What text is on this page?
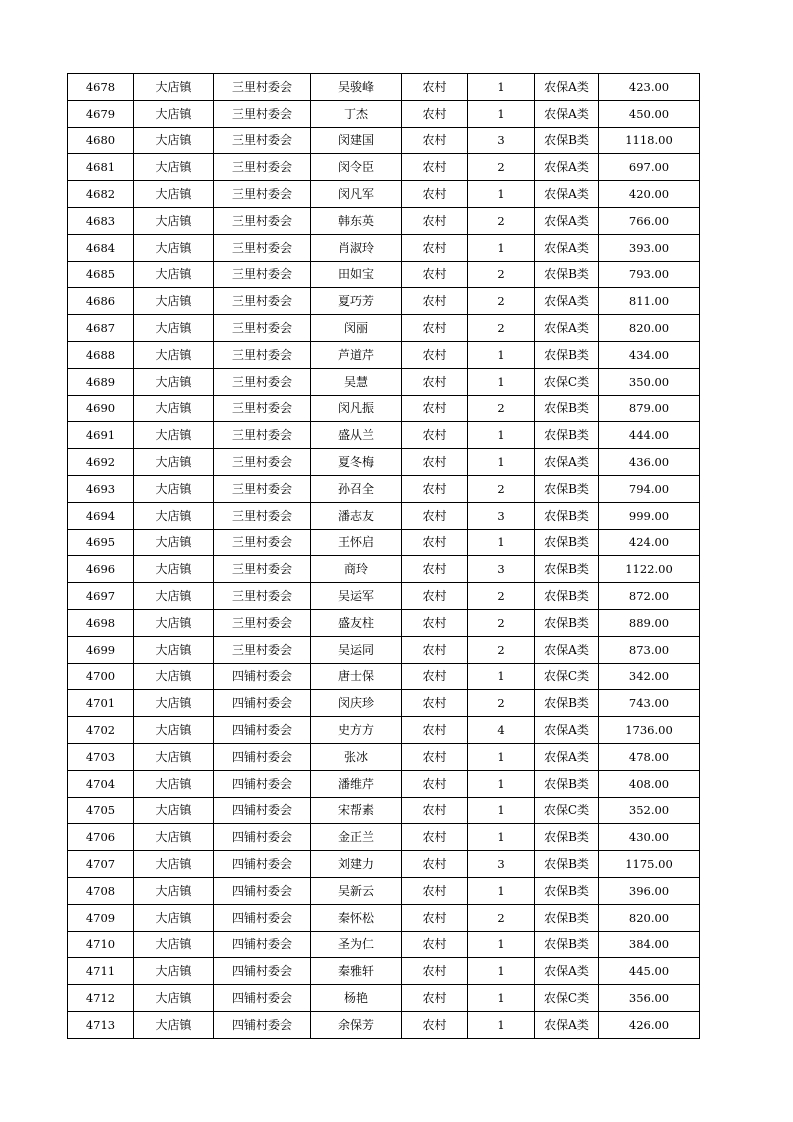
4678	大店镇	三里村委会	吴骏峰	农村	1	农保A类	423.00
4679	大店镇	三里村委会	丁杰	农村	1	农保A类	450.00
4680	大店镇	三里村委会	闵建国	农村	3	农保B类	1118.00
4681	大店镇	三里村委会	闵令臣	农村	2	农保A类	697.00
4682	大店镇	三里村委会	闵凡军	农村	1	农保A类	420.00
4683	大店镇	三里村委会	韩东英	农村	2	农保A类	766.00
4684	大店镇	三里村委会	肖淑玲	农村	1	农保A类	393.00
4685	大店镇	三里村委会	田如宝	农村	2	农保B类	793.00
4686	大店镇	三里村委会	夏巧芳	农村	2	农保A类	811.00
4687	大店镇	三里村委会	闵丽	农村	2	农保A类	820.00
4688	大店镇	三里村委会	芦道芹	农村	1	农保B类	434.00
4689	大店镇	三里村委会	吴慧	农村	1	农保C类	350.00
4690	大店镇	三里村委会	闵凡振	农村	2	农保B类	879.00
4691	大店镇	三里村委会	盛从兰	农村	1	农保B类	444.00
4692	大店镇	三里村委会	夏冬梅	农村	1	农保A类	436.00
4693	大店镇	三里村委会	孙召全	农村	2	农保B类	794.00
4694	大店镇	三里村委会	潘志友	农村	3	农保B类	999.00
4695	大店镇	三里村委会	王怀启	农村	1	农保B类	424.00
4696	大店镇	三里村委会	商玲	农村	3	农保B类	1122.00
4697	大店镇	三里村委会	吴运军	农村	2	农保B类	872.00
4698	大店镇	三里村委会	盛友柱	农村	2	农保B类	889.00
4699	大店镇	三里村委会	吴运同	农村	2	农保A类	873.00
4700	大店镇	四铺村委会	唐士保	农村	1	农保C类	342.00
4701	大店镇	四铺村委会	闵庆珍	农村	2	农保B类	743.00
4702	大店镇	四铺村委会	史方方	农村	4	农保A类	1736.00
4703	大店镇	四铺村委会	张冰	农村	1	农保A类	478.00
4704	大店镇	四铺村委会	潘维芹	农村	1	农保B类	408.00
4705	大店镇	四铺村委会	宋帮素	农村	1	农保C类	352.00
4706	大店镇	四铺村委会	金正兰	农村	1	农保B类	430.00
4707	大店镇	四铺村委会	刘建力	农村	3	农保B类	1175.00
4708	大店镇	四铺村委会	吴新云	农村	1	农保B类	396.00
4709	大店镇	四铺村委会	秦怀松	农村	2	农保B类	820.00
4710	大店镇	四铺村委会	圣为仁	农村	1	农保B类	384.00
4711	大店镇	四铺村委会	秦雅轩	农村	1	农保A类	445.00
4712	大店镇	四铺村委会	杨艳	农村	1	农保C类	356.00
4713	大店镇	四铺村委会	余保芳	农村	1	农保A类	426.00
